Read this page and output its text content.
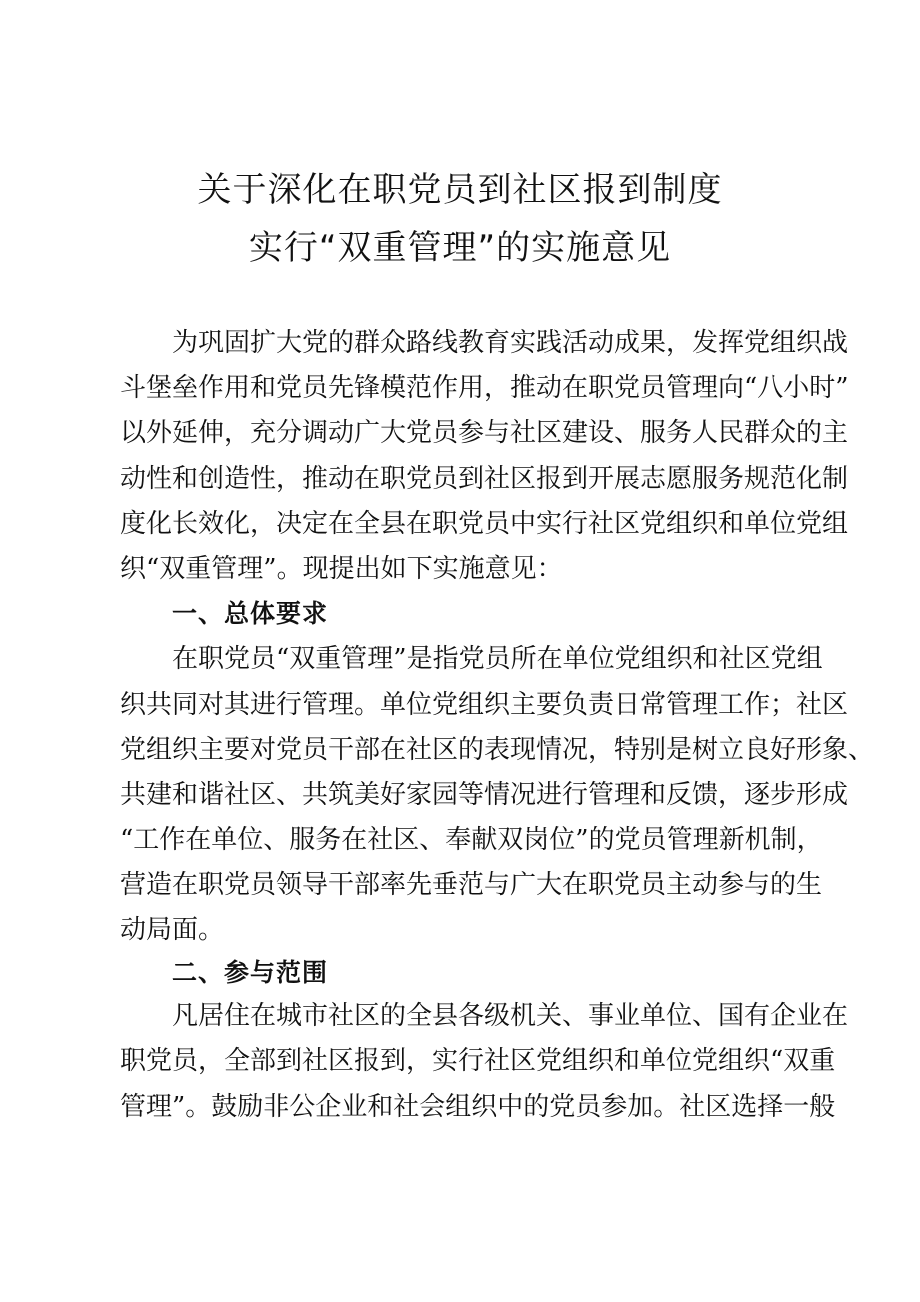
关于深化在职党员到社区报到制度
实行“双重管理”的实施意见
为巩固扩大党的群众路线教育实践活动成果，发挥党组织战
斗堡垒作用和党员先锋模范作用，推动在职党员管理向“八小时”
以外延伸，充分调动广大党员参与社区建设、服务人民群众的主
动性和创造性，推动在职党员到社区报到开展志愿服务规范化制
度化长效化，决定在全县在职党员中实行社区党组织和单位党组
织“双重管理”。现提出如下实施意见：
一、总体要求
在职党员“双重管理”是指党员所在单位党组织和社区党组
织共同对其进行管理。单位党组织主要负责日常管理工作；社区
党组织主要对党员干部在社区的表现情况，特别是树立良好形象、
共建和谐社区、共筑美好家园等情况进行管理和反馈，逐步形成
“工作在单位、服务在社区、奉献双岗位”的党员管理新机制，
营造在职党员领导干部率先垂范与广大在职党员主动参与的生
动局面。
二、参与范围
凡居住在城市社区的全县各级机关、事业单位、国有企业在
职党员，全部到社区报到，实行社区党组织和单位党组织“双重
管理”。鼓励非公企业和社会组织中的党员参加。社区选择一般
